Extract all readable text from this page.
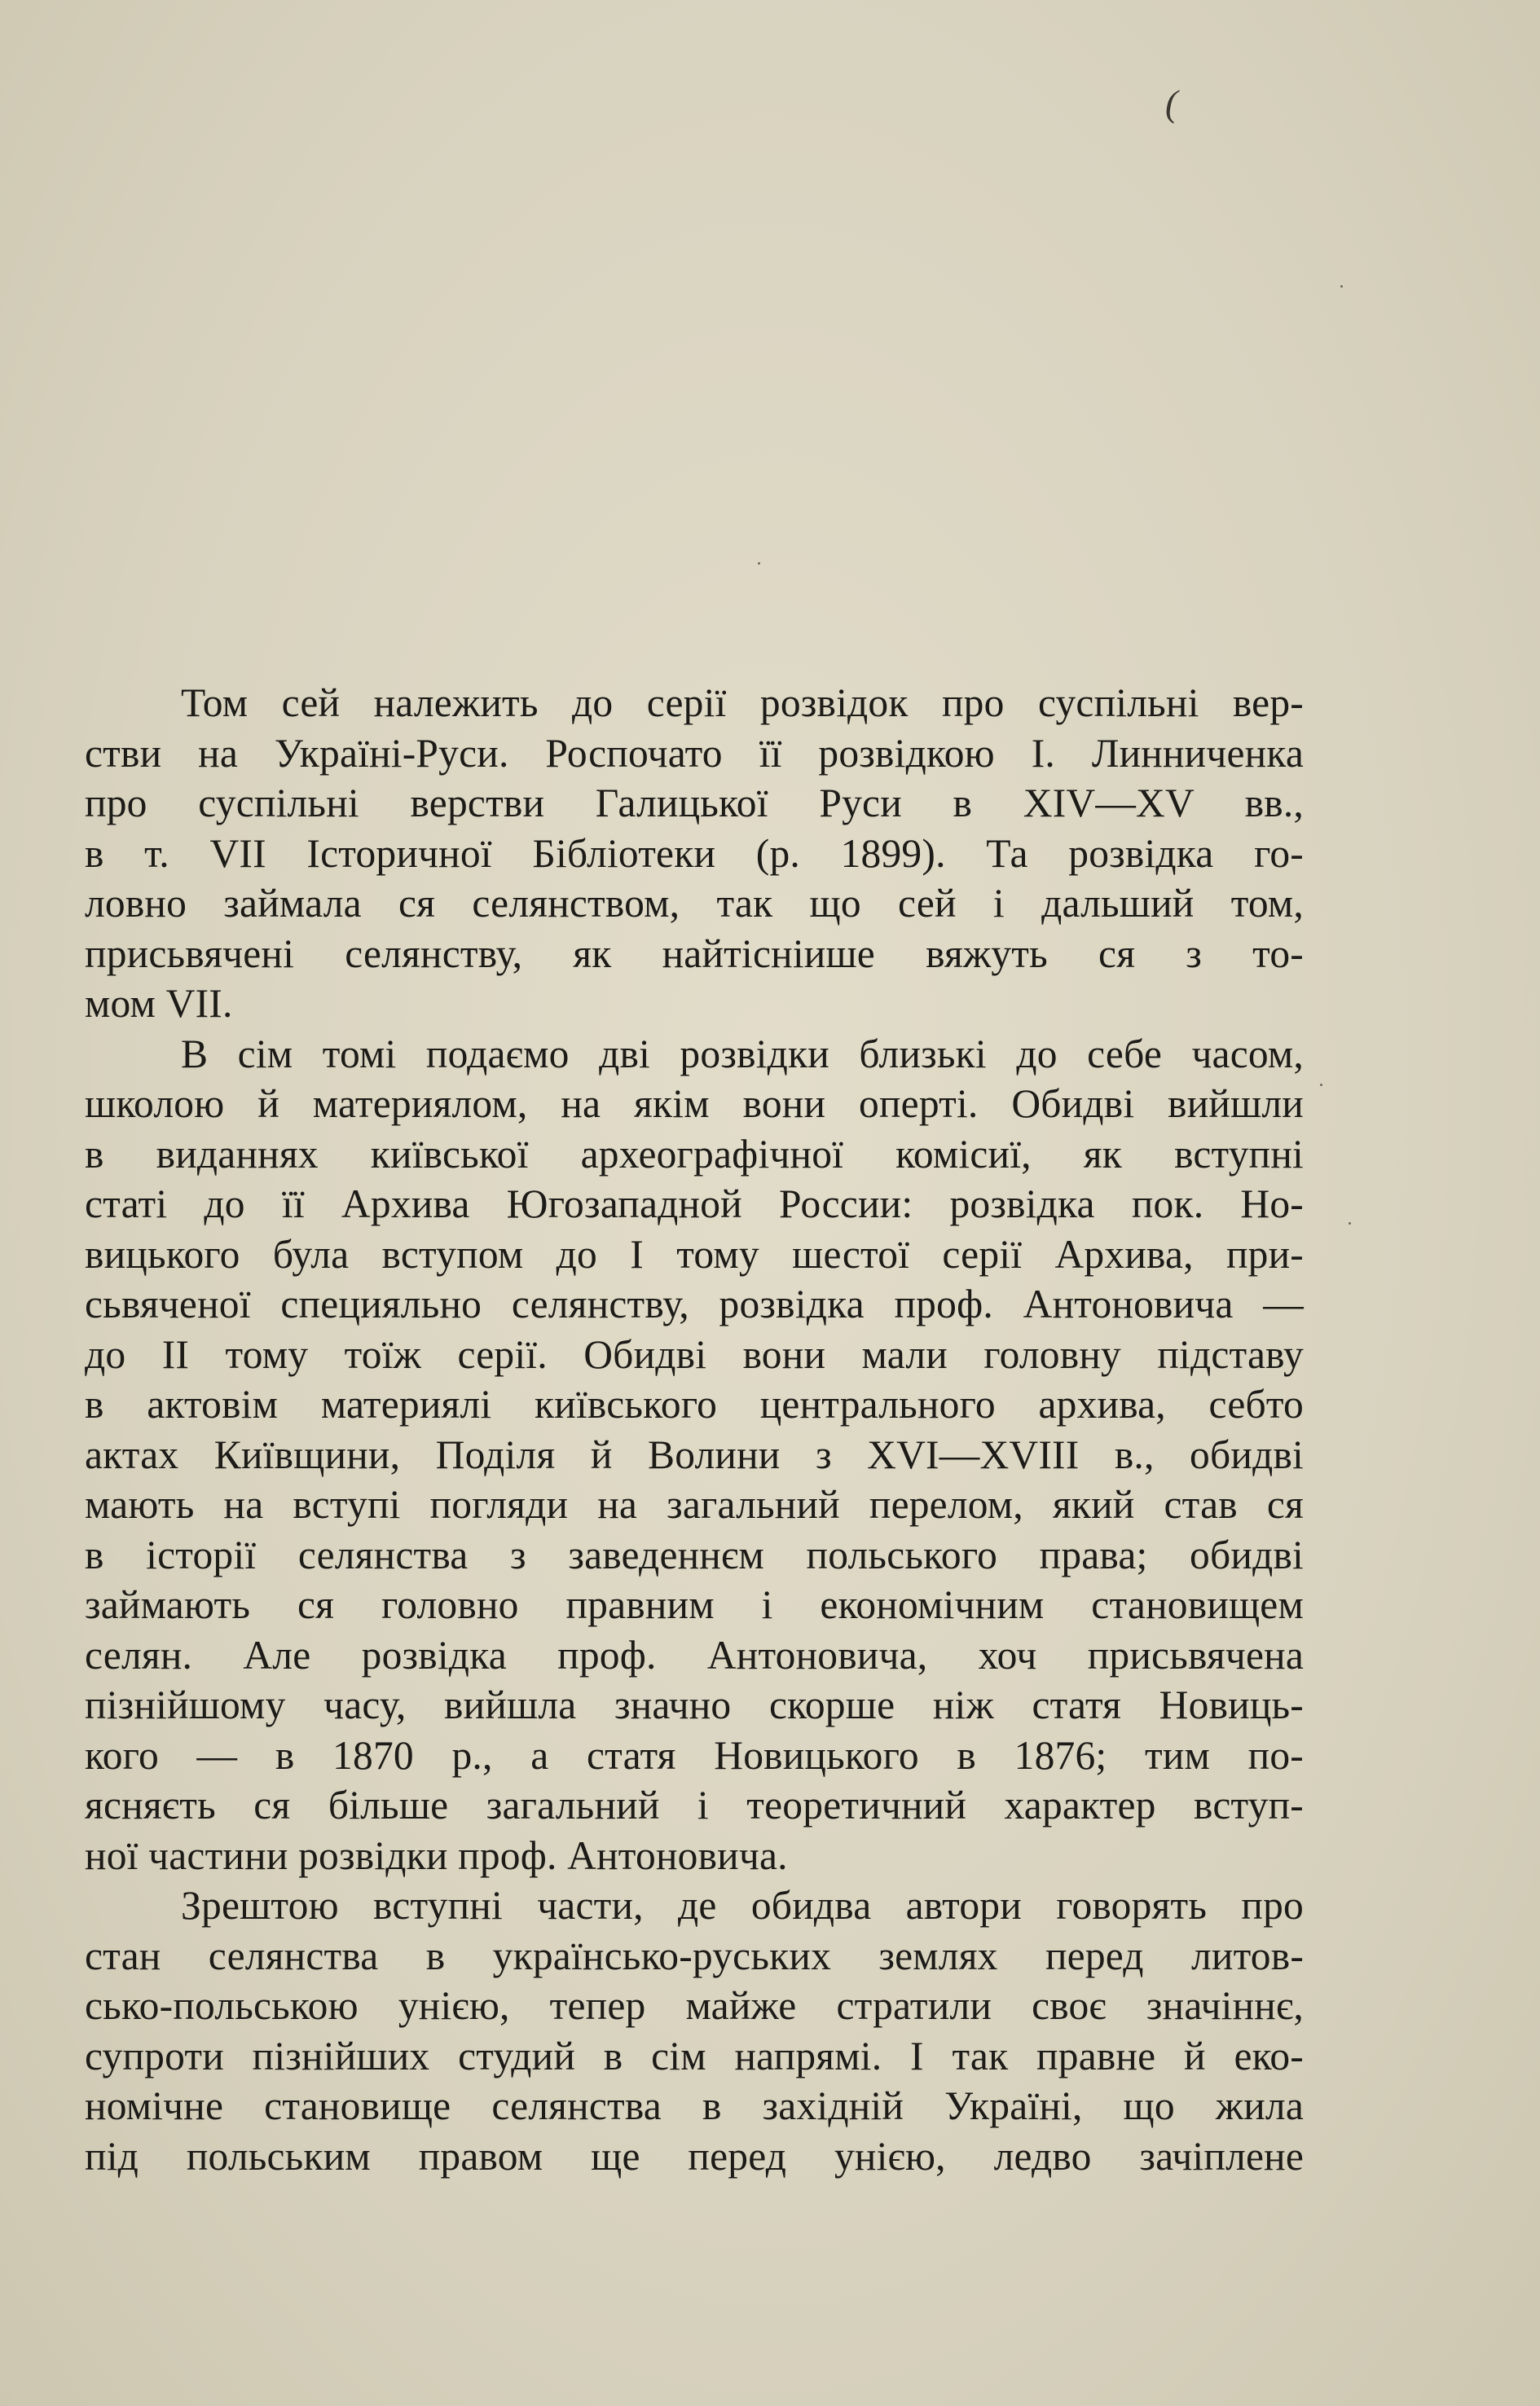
(
Том сей належить до серії розвідок про суспільні вер-
стви на Україні-Руси. Роспочато її розвідкою І. Линниченка
про суспільні верстви Галицької Руси в XIV—XV вв.,
в т. VII Історичної Бібліотеки (р. 1899). Та розвідка го-
ловно займала ся селянством, так що сей і дальший том,
присьвячені селянству, як найтісніише вяжуть ся з то-
мом VII.
В сім томі подаємо дві розвідки близькі до себе часом,
школою й материялом, на якім вони оперті. Обидві вийшли
в виданнях київської археографічної комісиї, як вступні
статі до її Архива Югозападной России: розвідка пок. Но-
вицького була вступом до І тому шестої серії Архива, при-
сьвяченої специяльно селянству, розвідка проф. Антоновича —
до II тому тоїж серії. Обидві вони мали головну підставу
в актовім материялі київського центрального архива, себто
актах Київщини, Поділя й Волини з XVI—XVIII в., обидві
мають на вступі погляди на загальний перелом, який став ся
в історії селянства з заведеннєм польського права; обидві
займають ся головно правним і економічним становищем
селян. Але розвідка проф. Антоновича, хоч присьвячена
пізнійшому часу, вийшла значно скорше ніж статя Новиць-
кого — в 1870 р., а статя Новицького в 1876; тим по-
ясняєть ся більше загальний і теоретичний характер вступ-
ної частини розвідки проф. Антоновича.
Зрештою вступні части, де обидва автори говорять про
стан селянства в українсько-руських землях перед литов-
сько-польською унією, тепер майже стратили своє значіннє,
супроти пізнійших студий в сім напрямі. І так правне й еко-
номічне становище селянства в західній Україні, що жила
під польським правом ще перед унією, ледво зачіплене
